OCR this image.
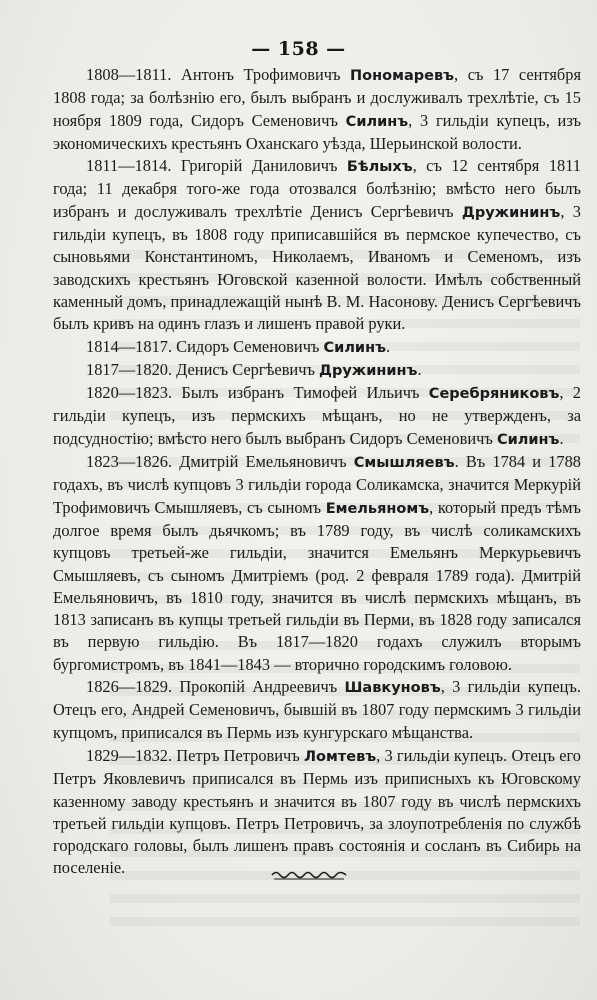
— 158 —

1808—1811. Антонъ Трофимовичъ Пономаревъ, съ 17 сентября 1808 года; за болѣзнію его, былъ выбранъ и дослуживалъ трехлѣтіе, съ 15 ноября 1809 года, Сидоръ Семеновичъ Силинъ, 3 гильдіи купецъ, изъ экономическихъ крестьянъ Оханскаго уѣзда, Шерьинской волости.

1811—1814. Григорій Даниловичъ Бѣлыхъ, съ 12 сентября 1811 года; 11 декабря того-же года отозвался болѣзнію; вмѣсто него былъ избранъ и дослуживалъ трехлѣтіе Денисъ Сергѣевичъ Дружининъ, 3 гильдіи купецъ, въ 1808 году приписавшійся въ пермское купечество, съ сыновьями Константиномъ, Николаемъ, Иваномъ и Семеномъ, изъ заводскихъ крестьянъ Юговской казенной волости. Имѣлъ собственный каменный домъ, принадлежащій нынѣ В. М. Насонову. Денисъ Сергѣевичъ былъ кривъ на одинъ глазъ и лишенъ правой руки.

1814—1817. Сидоръ Семеновичъ Силинъ.

1817—1820. Денисъ Сергѣевичъ Дружининъ.

1820—1823. Былъ избранъ Тимофей Ильичъ Серебряниковъ, 2 гильдіи купецъ, изъ пермскихъ мѣщанъ, но не утвержденъ, за подсудностію; вмѣсто него былъ выбранъ Сидоръ Семеновичъ Силинъ.

1823—1826. Дмитрій Емельяновичъ Смышляевъ. Въ 1784 и 1788 годахъ, въ числѣ купцовъ 3 гильдіи города Соликамска, значится Меркурій Трофимовичъ Смышляевъ, съ сыномъ Емельяномъ, который предъ тѣмъ долгое время былъ дьячкомъ; въ 1789 году, въ числѣ соликамскихъ купцовъ третьей-же гильдіи, значится Емельянъ Меркурьевичъ Смышляевъ, съ сыномъ Дмитріемъ (род. 2 февраля 1789 года). Дмитрій Емельяновичъ, въ 1810 году, значится въ числѣ пермскихъ мѣщанъ, въ 1813 записанъ въ купцы третьей гильдіи въ Перми, въ 1828 году записался въ первую гильдію. Въ 1817—1820 годахъ служилъ вторымъ бургомистромъ, въ 1841—1843 — вторично городскимъ головою.

1826—1829. Прокопій Андреевичъ Шавкуновъ, 3 гильдіи купецъ. Отецъ его, Андрей Семеновичъ, бывшій въ 1807 году пермскимъ 3 гильдіи купцомъ, приписался въ Пермь изъ кунгурскаго мѣщанства.

1829—1832. Петръ Петровичъ Ломтевъ, 3 гильдіи купецъ. Отецъ его Петръ Яковлевичъ приписался въ Пермь изъ приписныхъ къ Юговскому казенному заводу крестьянъ и значится въ 1807 году въ числѣ пермскихъ третьей гильдіи купцовъ. Петръ Петровичъ, за злоупотребленія по службѣ городскаго головы, былъ лишенъ правъ состоянія и сосланъ въ Сибирь на поселеніе.
